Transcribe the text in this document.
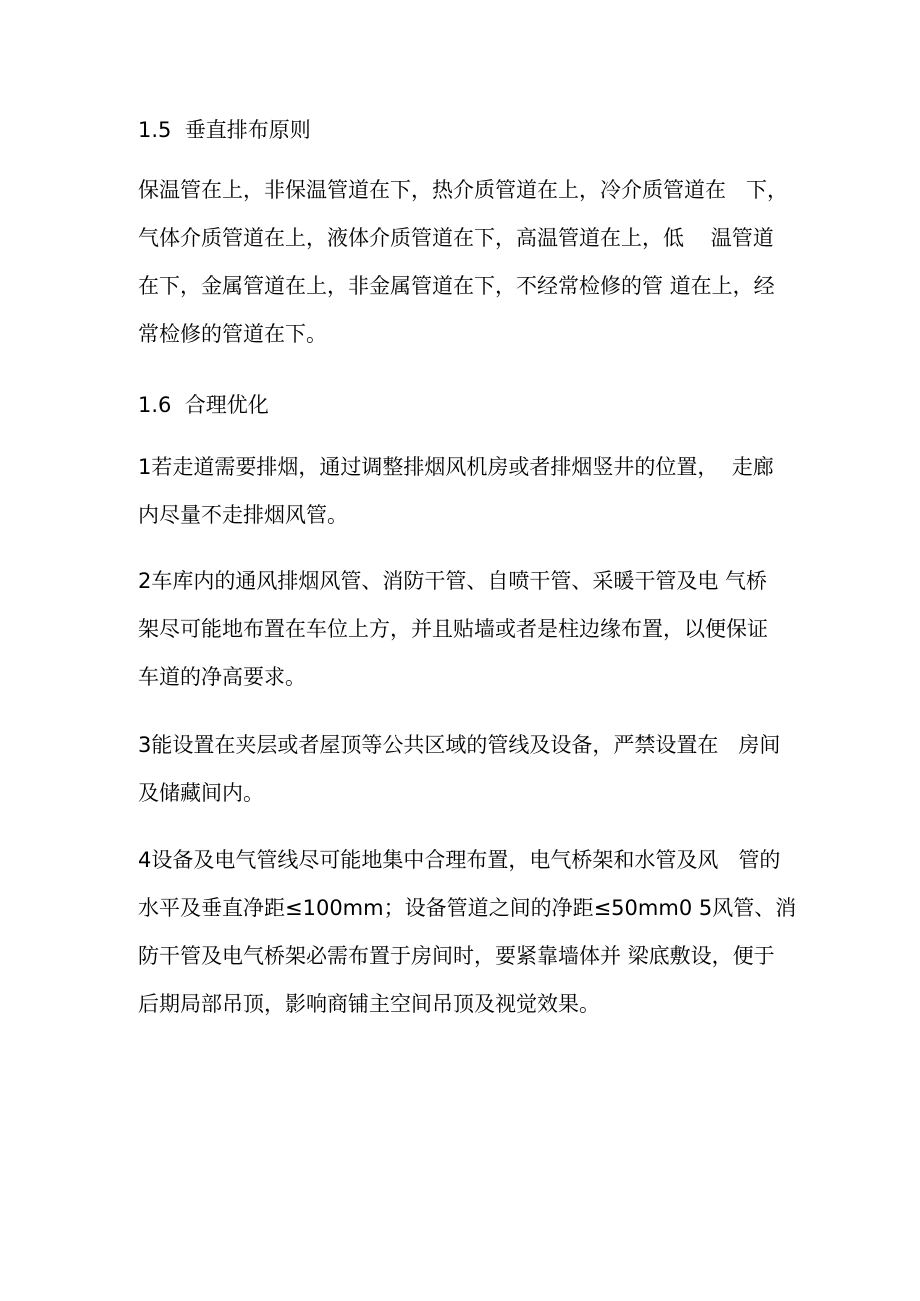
1.5  垂直排布原则
保温管在上，非保温管道在下，热介质管道在上，冷介质管道在   下，
气体介质管道在上，液体介质管道在下，高温管道在上，低    温管道
在下，金属管道在上，非金属管道在下，不经常检修的管 道在上，经
常检修的管道在下。
1.6  合理优化
1若走道需要排烟，通过调整排烟风机房或者排烟竖井的位置，  走廊
内尽量不走排烟风管。
2车库内的通风排烟风管、消防干管、自喷干管、采暖干管及电 气桥
架尽可能地布置在车位上方，并且贴墙或者是柱边缘布置，以便保证
车道的净高要求。
3能设置在夹层或者屋顶等公共区域的管线及设备，严禁设置在   房间
及储藏间内。
4设备及电气管线尽可能地集中合理布置，电气桥架和水管及风   管的
水平及垂直净距≤100mm；设备管道之间的净距≤50mm0 5风管、消
防干管及电气桥架必需布置于房间时，要紧靠墙体并 梁底敷设，便于
后期局部吊顶，影响商铺主空间吊顶及视觉效果。
